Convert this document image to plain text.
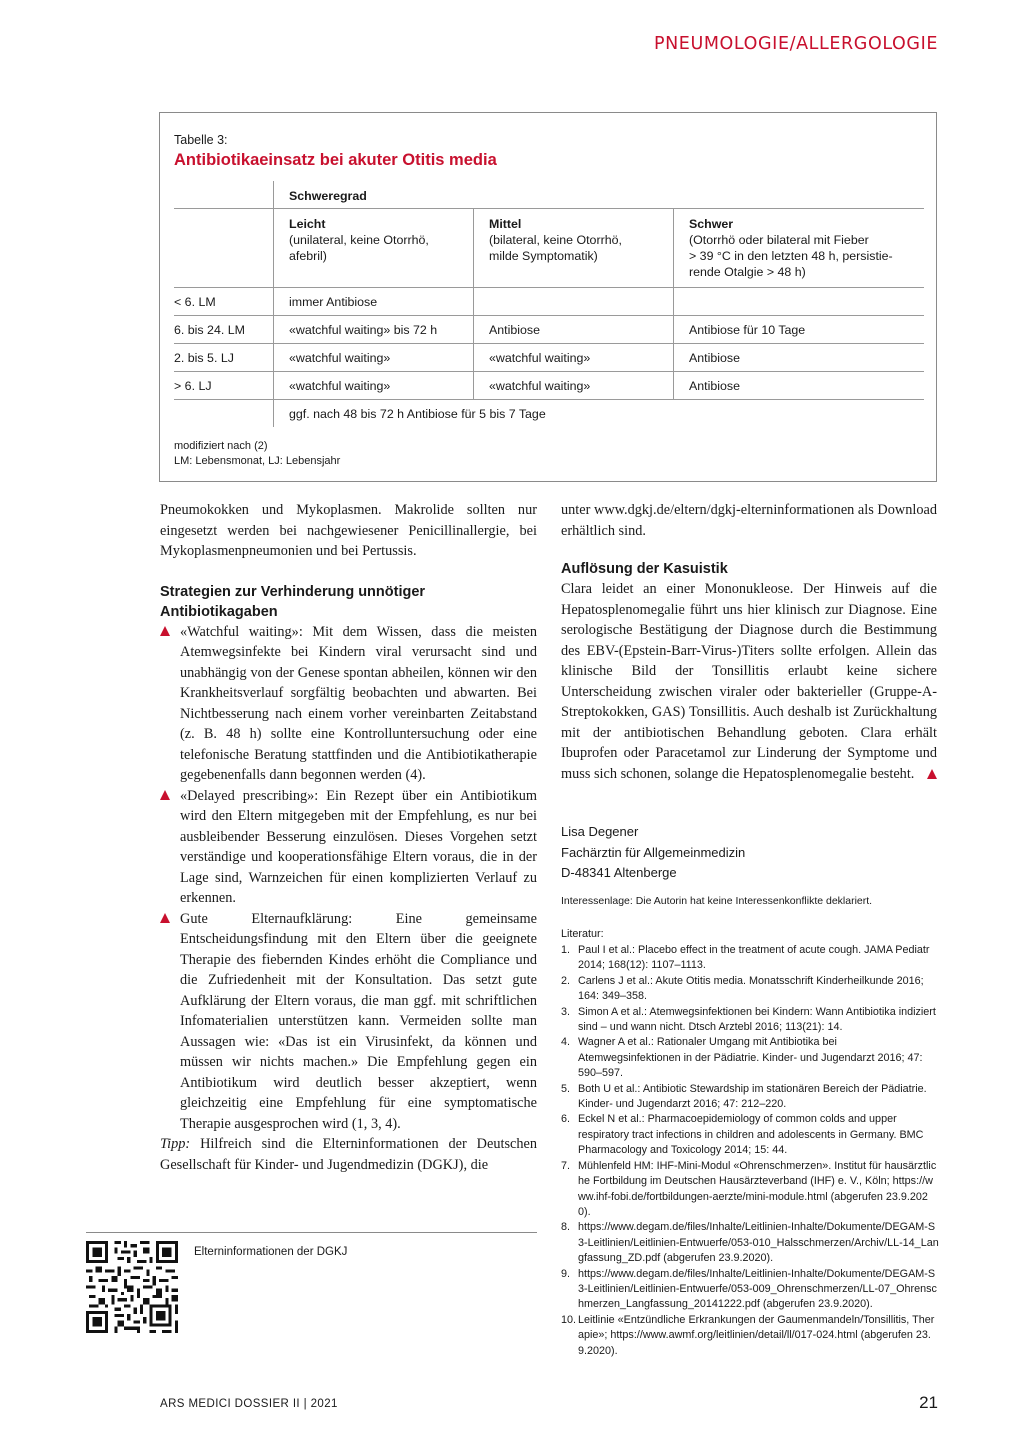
PNEUMOLOGIE/ALLERGOLOGIE
Tabelle 3:
Antibiotikaeinsatz bei akuter Otitis media
Schweregrad
Leicht
(unilateral, keine Otorrhö,
afebril)
Mittel
(bilateral, keine Otorrhö,
milde Symptomatik)
Schwer
(Otorrhö oder bilateral mit Fieber
> 39 °C in den letzten 48 h, persistie-
rende Otalgie > 48 h)
< 6. LM	immer Antibiose
6. bis 24. LM	«watchful waiting» bis 72 h	Antibiose	Antibiose für 10 Tage
2. bis 5. LJ	«watchful waiting»	«watchful waiting»	Antibiose
> 6. LJ	«watchful waiting»	«watchful waiting»	Antibiose
ggf. nach 48 bis 72 h Antibiose für 5 bis 7 Tage
modifiziert nach (2)
LM: Lebensmonat, LJ: Lebensjahr

Pneumokokken und Mykoplasmen. Makrolide sollten nur eingesetzt werden bei nachgewiesener Penicillinallergie, bei Mykoplasmenpneumonien und bei Pertussis.

Strategien zur Verhinderung unnötiger Antibiotikagaben

«Watchful waiting»: Mit dem Wissen, dass die meisten Atemwegsinfekte bei Kindern viral verursacht sind und unabhängig von der Genese spontan abheilen, können wir den Krankheitsverlauf sorgfältig beobachten und abwarten. Bei Nichtbesserung nach einem vorher vereinbarten Zeitabstand (z. B. 48 h) sollte eine Kontrolluntersuchung oder eine telefonische Beratung stattfinden und die Antibiotikatherapie gegebenenfalls dann begonnen werden (4).

«Delayed prescribing»: Ein Rezept über ein Antibiotikum wird den Eltern mitgegeben mit der Empfehlung, es nur bei ausbleibender Besserung einzulösen. Dieses Vorgehen setzt verständige und kooperationsfähige Eltern voraus, die in der Lage sind, Warnzeichen für einen komplizierten Verlauf zu erkennen.

Gute Elternaufklärung: Eine gemeinsame Entscheidungsfindung mit den Eltern über die geeignete Therapie des fiebernden Kindes erhöht die Compliance und die Zufriedenheit mit der Konsultation. Das setzt gute Aufklärung der Eltern voraus, die man ggf. mit schriftlichen Infomaterialien unterstützen kann. Vermeiden sollte man Aussagen wie: «Das ist ein Virusinfekt, da können und müssen wir nichts machen.» Die Empfehlung gegen ein Antibiotikum wird deutlich besser akzeptiert, wenn gleichzeitig eine Empfehlung für eine symptomatische Therapie ausgesprochen wird (1, 3, 4).

Tipp: Hilfreich sind die Elterninformationen der Deutschen Gesellschaft für Kinder- und Jugendmedizin (DGKJ), die

unter www.dgkj.de/eltern/dgkj-elterninformationen als Download erhältlich sind.

Auflösung der Kasuistik

Clara leidet an einer Mononukleose. Der Hinweis auf die Hepatosplenomegalie führt uns hier klinisch zur Diagnose. Eine serologische Bestätigung der Diagnose durch die Bestimmung des EBV-(Epstein-Barr-Virus-)Titers sollte erfolgen. Allein das klinische Bild der Tonsillitis erlaubt keine sichere Unterscheidung zwischen viraler oder bakterieller (Gruppe-A-Streptokokken, GAS) Tonsillitis. Auch deshalb ist Zurückhaltung mit der antibiotischen Behandlung geboten. Clara erhält Ibuprofen oder Paracetamol zur Linderung der Symptome und muss sich schonen, solange die Hepatosplenomegalie besteht.

Lisa Degener
Fachärztin für Allgemeinmedizin
D-48341 Altenberge
Interessenlage: Die Autorin hat keine Interessenkonflikte deklariert.
Literatur:
1. Paul I et al.: Placebo effect in the treatment of acute cough. JAMA Pediatr 2014; 168(12): 1107–1113.
2. Carlens J et al.: Akute Otitis media. Monatsschrift Kinderheilkunde 2016; 164: 349–358.
3. Simon A et al.: Atemwegsinfektionen bei Kindern: Wann Antibiotika indiziert sind – und wann nicht. Dtsch Arztebl 2016; 113(21): 14.
4. Wagner A et al.: Rationaler Umgang mit Antibiotika bei Atemwegsinfektionen in der Pädiatrie. Kinder- und Jugendarzt 2016; 47: 590–597.
5. Both U et al.: Antibiotic Stewardship im stationären Bereich der Pädiatrie. Kinder- und Jugendarzt 2016; 47: 212–220.
6. Eckel N et al.: Pharmacoepidemiology of common colds and upper respiratory tract infections in children and adolescents in Germany. BMC Pharmacology and Toxicology 2014; 15: 44.
7. Mühlenfeld HM: IHF-Mini-Modul «Ohrenschmerzen». Institut für hausärztliche Fortbildung im Deutschen Hausärzteverband (IHF) e. V., Köln; https://www.ihf-fobi.de/fortbildungen-aerzte/mini-module.html (abgerufen 23.9.2020).
8. https://www.degam.de/files/Inhalte/Leitlinien-Inhalte/Dokumente/DEGAM-S3-Leitlinien/Leitlinien-Entwuerfe/053-010_Halsschmerzen/Archiv/LL-14_Langfassung_ZD.pdf (abgerufen 23.9.2020).
9. https://www.degam.de/files/Inhalte/Leitlinien-Inhalte/Dokumente/DEGAM-S3-Leitlinien/Leitlinien-Entwuerfe/053-009_Ohrenschmerzen/LL-07_Ohrenschmerzen_Langfassung_20141222.pdf (abgerufen 23.9.2020).
10. Leitlinie «Entzündliche Erkrankungen der Gaumenmandeln/Tonsillitis, Therapie»; https://www.awmf.org/leitlinien/detail/ll/017-024.html (abgerufen 23.9.2020).
Elterninformationen der DGKJ
ARS MEDICI DOSSIER II | 2021	21
